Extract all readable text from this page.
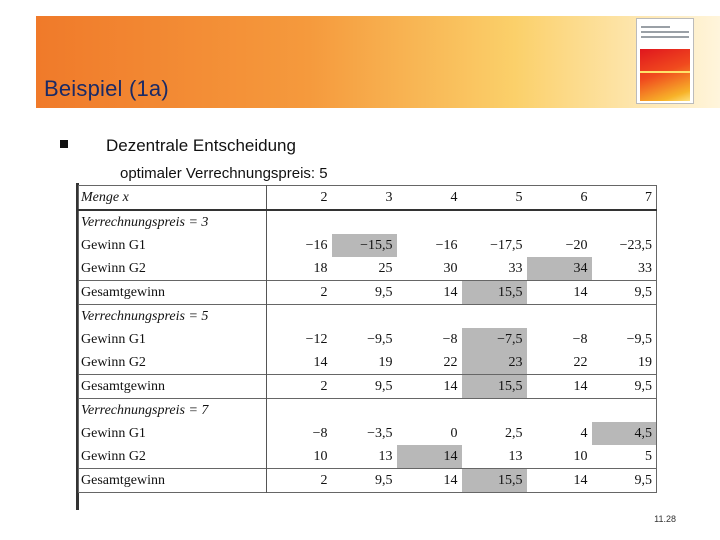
Beispiel (1a)
Dezentrale Entscheidung
optimaler Verrechnungspreis: 5
Menge x	2	3	4	5	6	7
Verrechnungspreis = 3						
Gewinn G1	−16	−15,5	−16	−17,5	−20	−23,5
Gewinn G2	18	25	30	33	34	33
Gesamtgewinn	2	9,5	14	15,5	14	9,5
Verrechnungspreis = 5						
Gewinn G1	−12	−9,5	−8	−7,5	−8	−9,5
Gewinn G2	14	19	22	23	22	19
Gesamtgewinn	2	9,5	14	15,5	14	9,5
Verrechnungspreis = 7						
Gewinn G1	−8	−3,5	0	2,5	4	4,5
Gewinn G2	10	13	14	13	10	5
Gesamtgewinn	2	9,5	14	15,5	14	9,5
11.28
